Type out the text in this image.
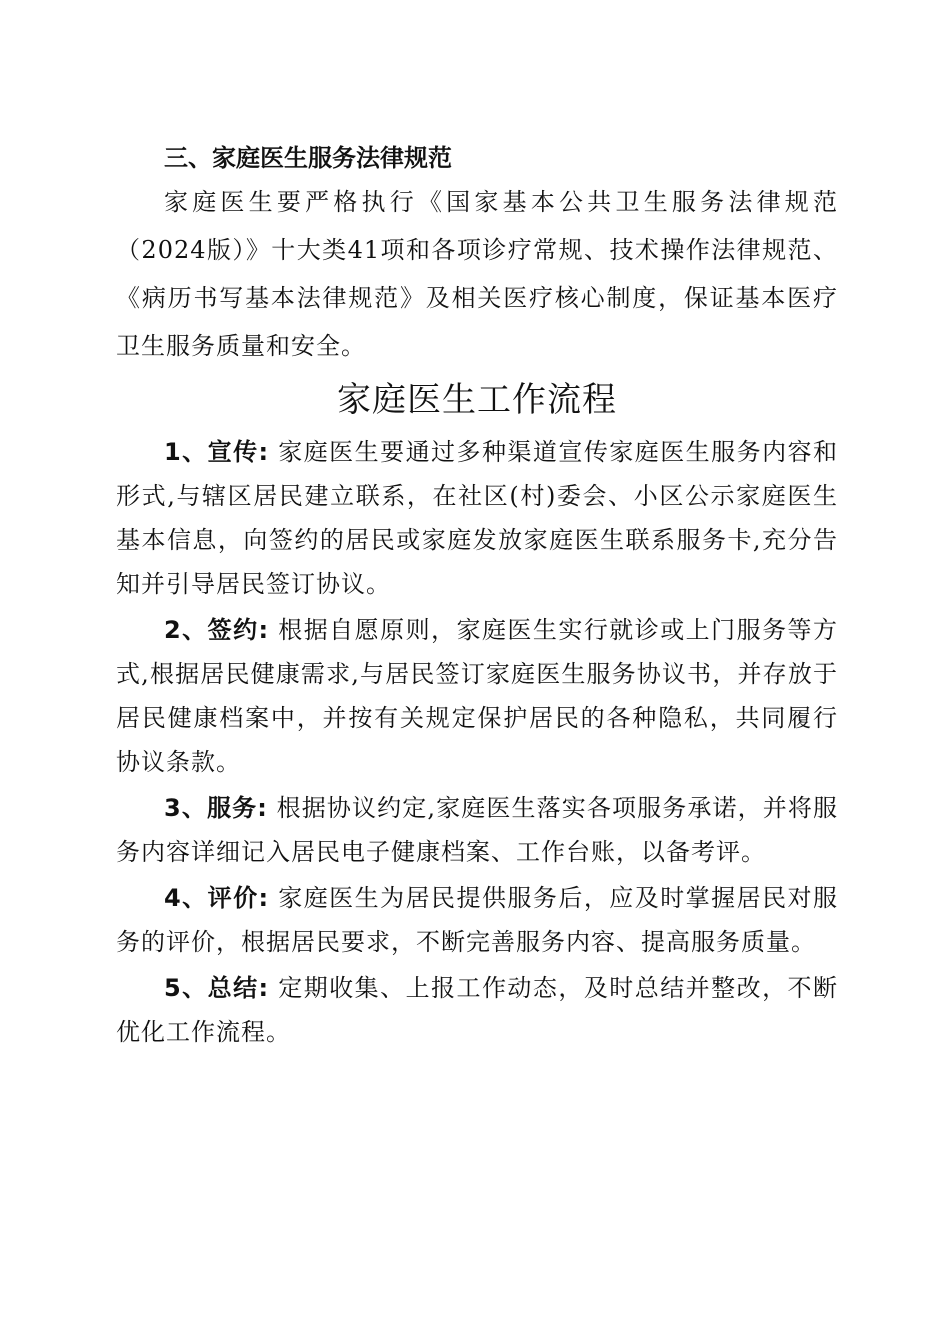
三、家庭医生服务法律规范

家庭医生要严格执行《国家基本公共卫生服务法律规范（2024版）》十大类41项和各项诊疗常规、技术操作法律规范、《病历书写基本法律规范》及相关医疗核心制度，保证基本医疗卫生服务质量和安全。

家庭医生工作流程

1、宣传: 家庭医生要通过多种渠道宣传家庭医生服务内容和形式,与辖区居民建立联系，在社区(村)委会、小区公示家庭医生基本信息，向签约的居民或家庭发放家庭医生联系服务卡,充分告知并引导居民签订协议。

2、签约: 根据自愿原则，家庭医生实行就诊或上门服务等方式,根据居民健康需求,与居民签订家庭医生服务协议书，并存放于居民健康档案中，并按有关规定保护居民的各种隐私，共同履行协议条款。

3、服务: 根据协议约定,家庭医生落实各项服务承诺，并将服务内容详细记入居民电子健康档案、工作台账，以备考评。

4、评价: 家庭医生为居民提供服务后，应及时掌握居民对服务的评价，根据居民要求，不断完善服务内容、提高服务质量。

5、总结: 定期收集、上报工作动态，及时总结并整改，不断优化工作流程。
